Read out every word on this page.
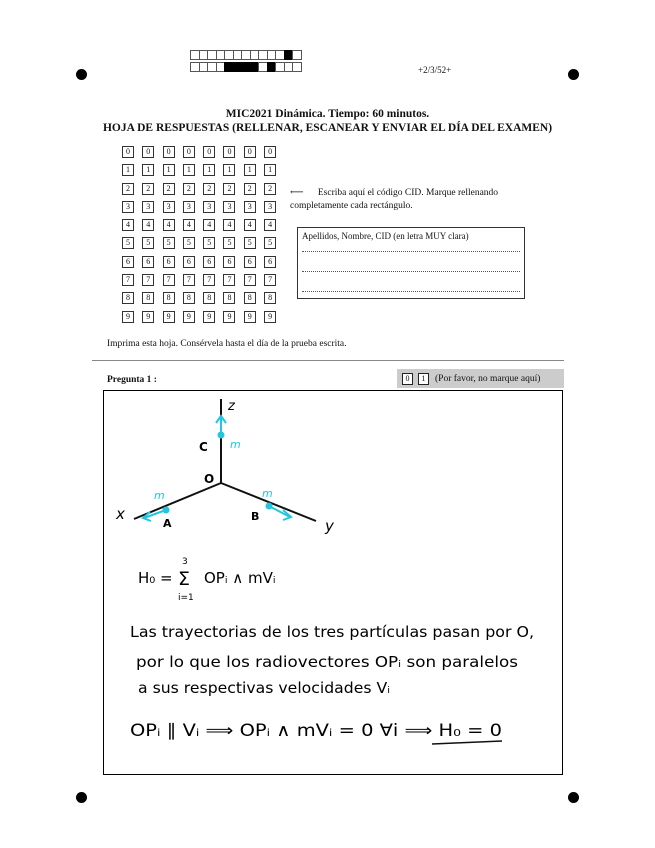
+2/3/52+
MIC2021 Dinámica. Tiempo: 60 minutos.
HOJA DE RESPUESTAS (RELLENAR, ESCANEAR Y ENVIAR EL DÍA DEL EXAMEN)
0	0	0	0	0	0	0	0
1	1	1	1	1	1	1	1
2	2	2	2	2	2	2	2
3	3	3	3	3	3	3	3
4	4	4	4	4	4	4	4
5	5	5	5	5	5	5	5
6	6	6	6	6	6	6	6
7	7	7	7	7	7	7	7
8	8	8	8	8	8	8	8
9	9	9	9	9	9	9	9
⟵ Escriba aquí el código CID. Marque rellenando completamente cada rectángulo.
Apellidos, Nombre, CID (en letra MUY clara)
Imprima esta hoja. Consérvela hasta el día de la prueba escrita.
Pregunta 1 :	0	1	(Por favor, no marque aquí)
z
x
y
O
C m
A
m
B
m
H₀ =
3
Σ
i=1
OPᵢ ∧ mVᵢ
Las trayectorias de los tres partículas pasan por O,
por lo que los radiovectores OPᵢ son paralelos
a sus respectivas velocidades Vᵢ
OPᵢ ∥ Vᵢ ⟹ OPᵢ ∧ mVᵢ = 0 ∀i ⟹ H₀ = 0
